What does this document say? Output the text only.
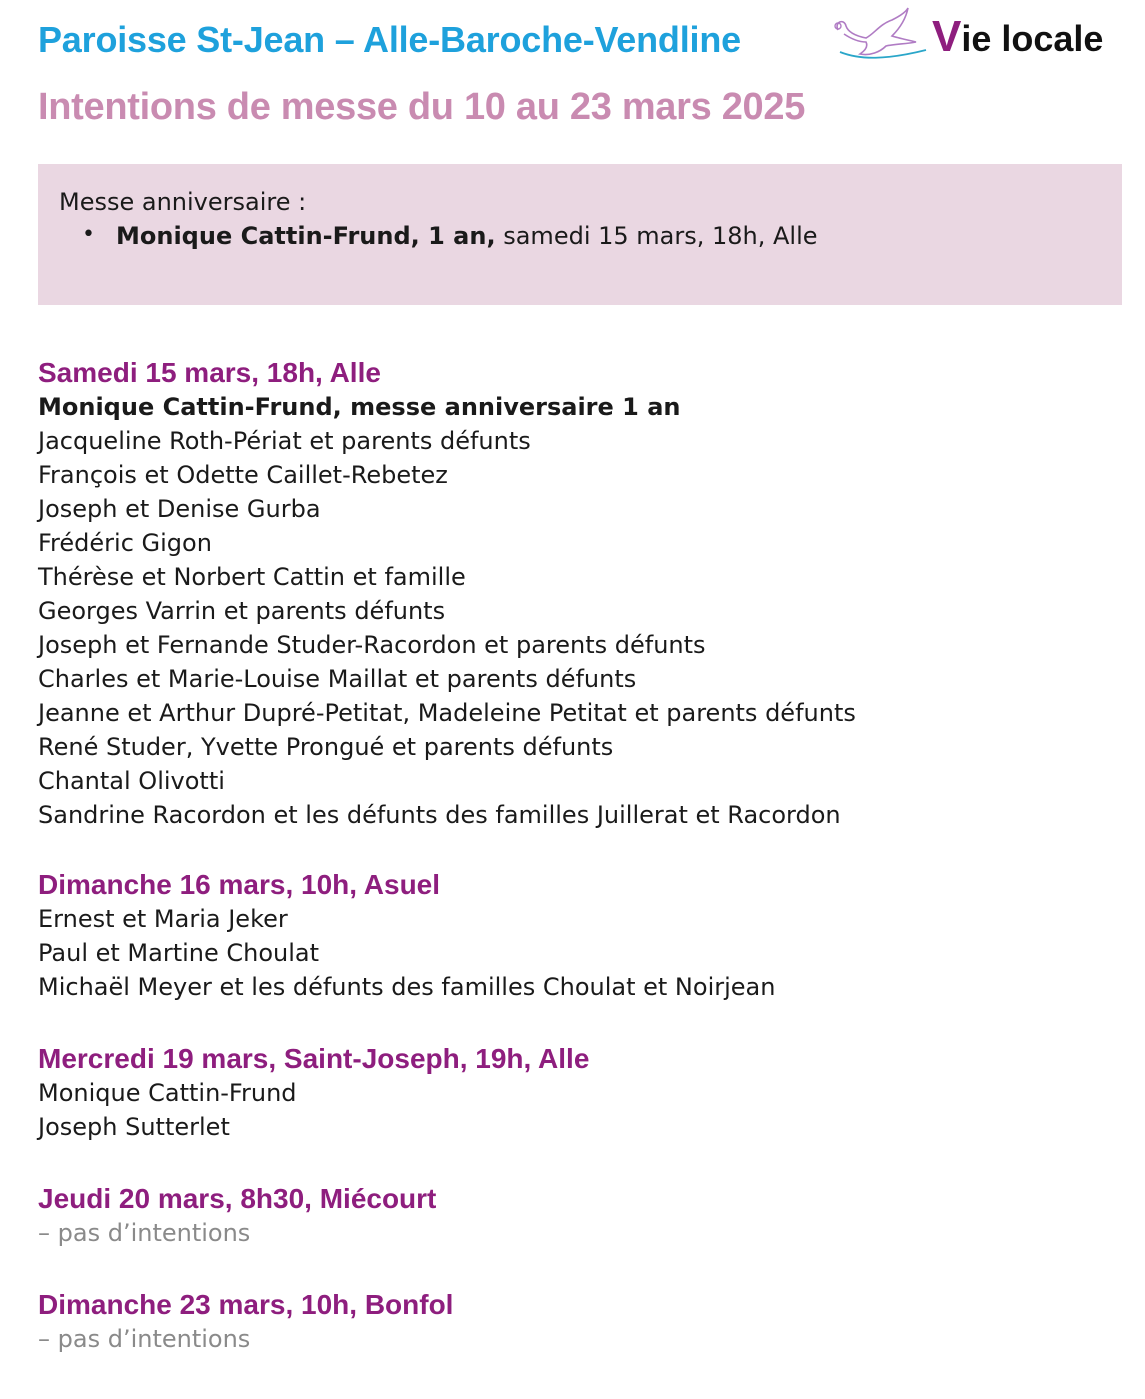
Paroisse St-Jean – Alle-Baroche-Vendline	Vie locale
Intentions de messe du 10 au 23 mars 2025
Messe anniversaire :
• Monique Cattin-Frund, 1 an, samedi 15 mars, 18h, Alle
Samedi 15 mars, 18h, Alle
Monique Cattin-Frund, messe anniversaire 1 an
Jacqueline Roth-Périat et parents défunts
François et Odette Caillet-Rebetez
Joseph et Denise Gurba
Frédéric Gigon
Thérèse et Norbert Cattin et famille
Georges Varrin et parents défunts
Joseph et Fernande Studer-Racordon et parents défunts
Charles et Marie-Louise Maillat et parents défunts
Jeanne et Arthur Dupré-Petitat, Madeleine Petitat et parents défunts
René Studer, Yvette Prongué et parents défunts
Chantal Olivotti
Sandrine Racordon et les défunts des familles Juillerat et Racordon
Dimanche 16 mars, 10h, Asuel
Ernest et Maria Jeker
Paul et Martine Choulat
Michaël Meyer et les défunts des familles Choulat et Noirjean
Mercredi 19 mars, Saint-Joseph, 19h, Alle
Monique Cattin-Frund
Joseph Sutterlet
Jeudi 20 mars, 8h30, Miécourt
– pas d’intentions
Dimanche 23 mars, 10h, Bonfol
– pas d’intentions
